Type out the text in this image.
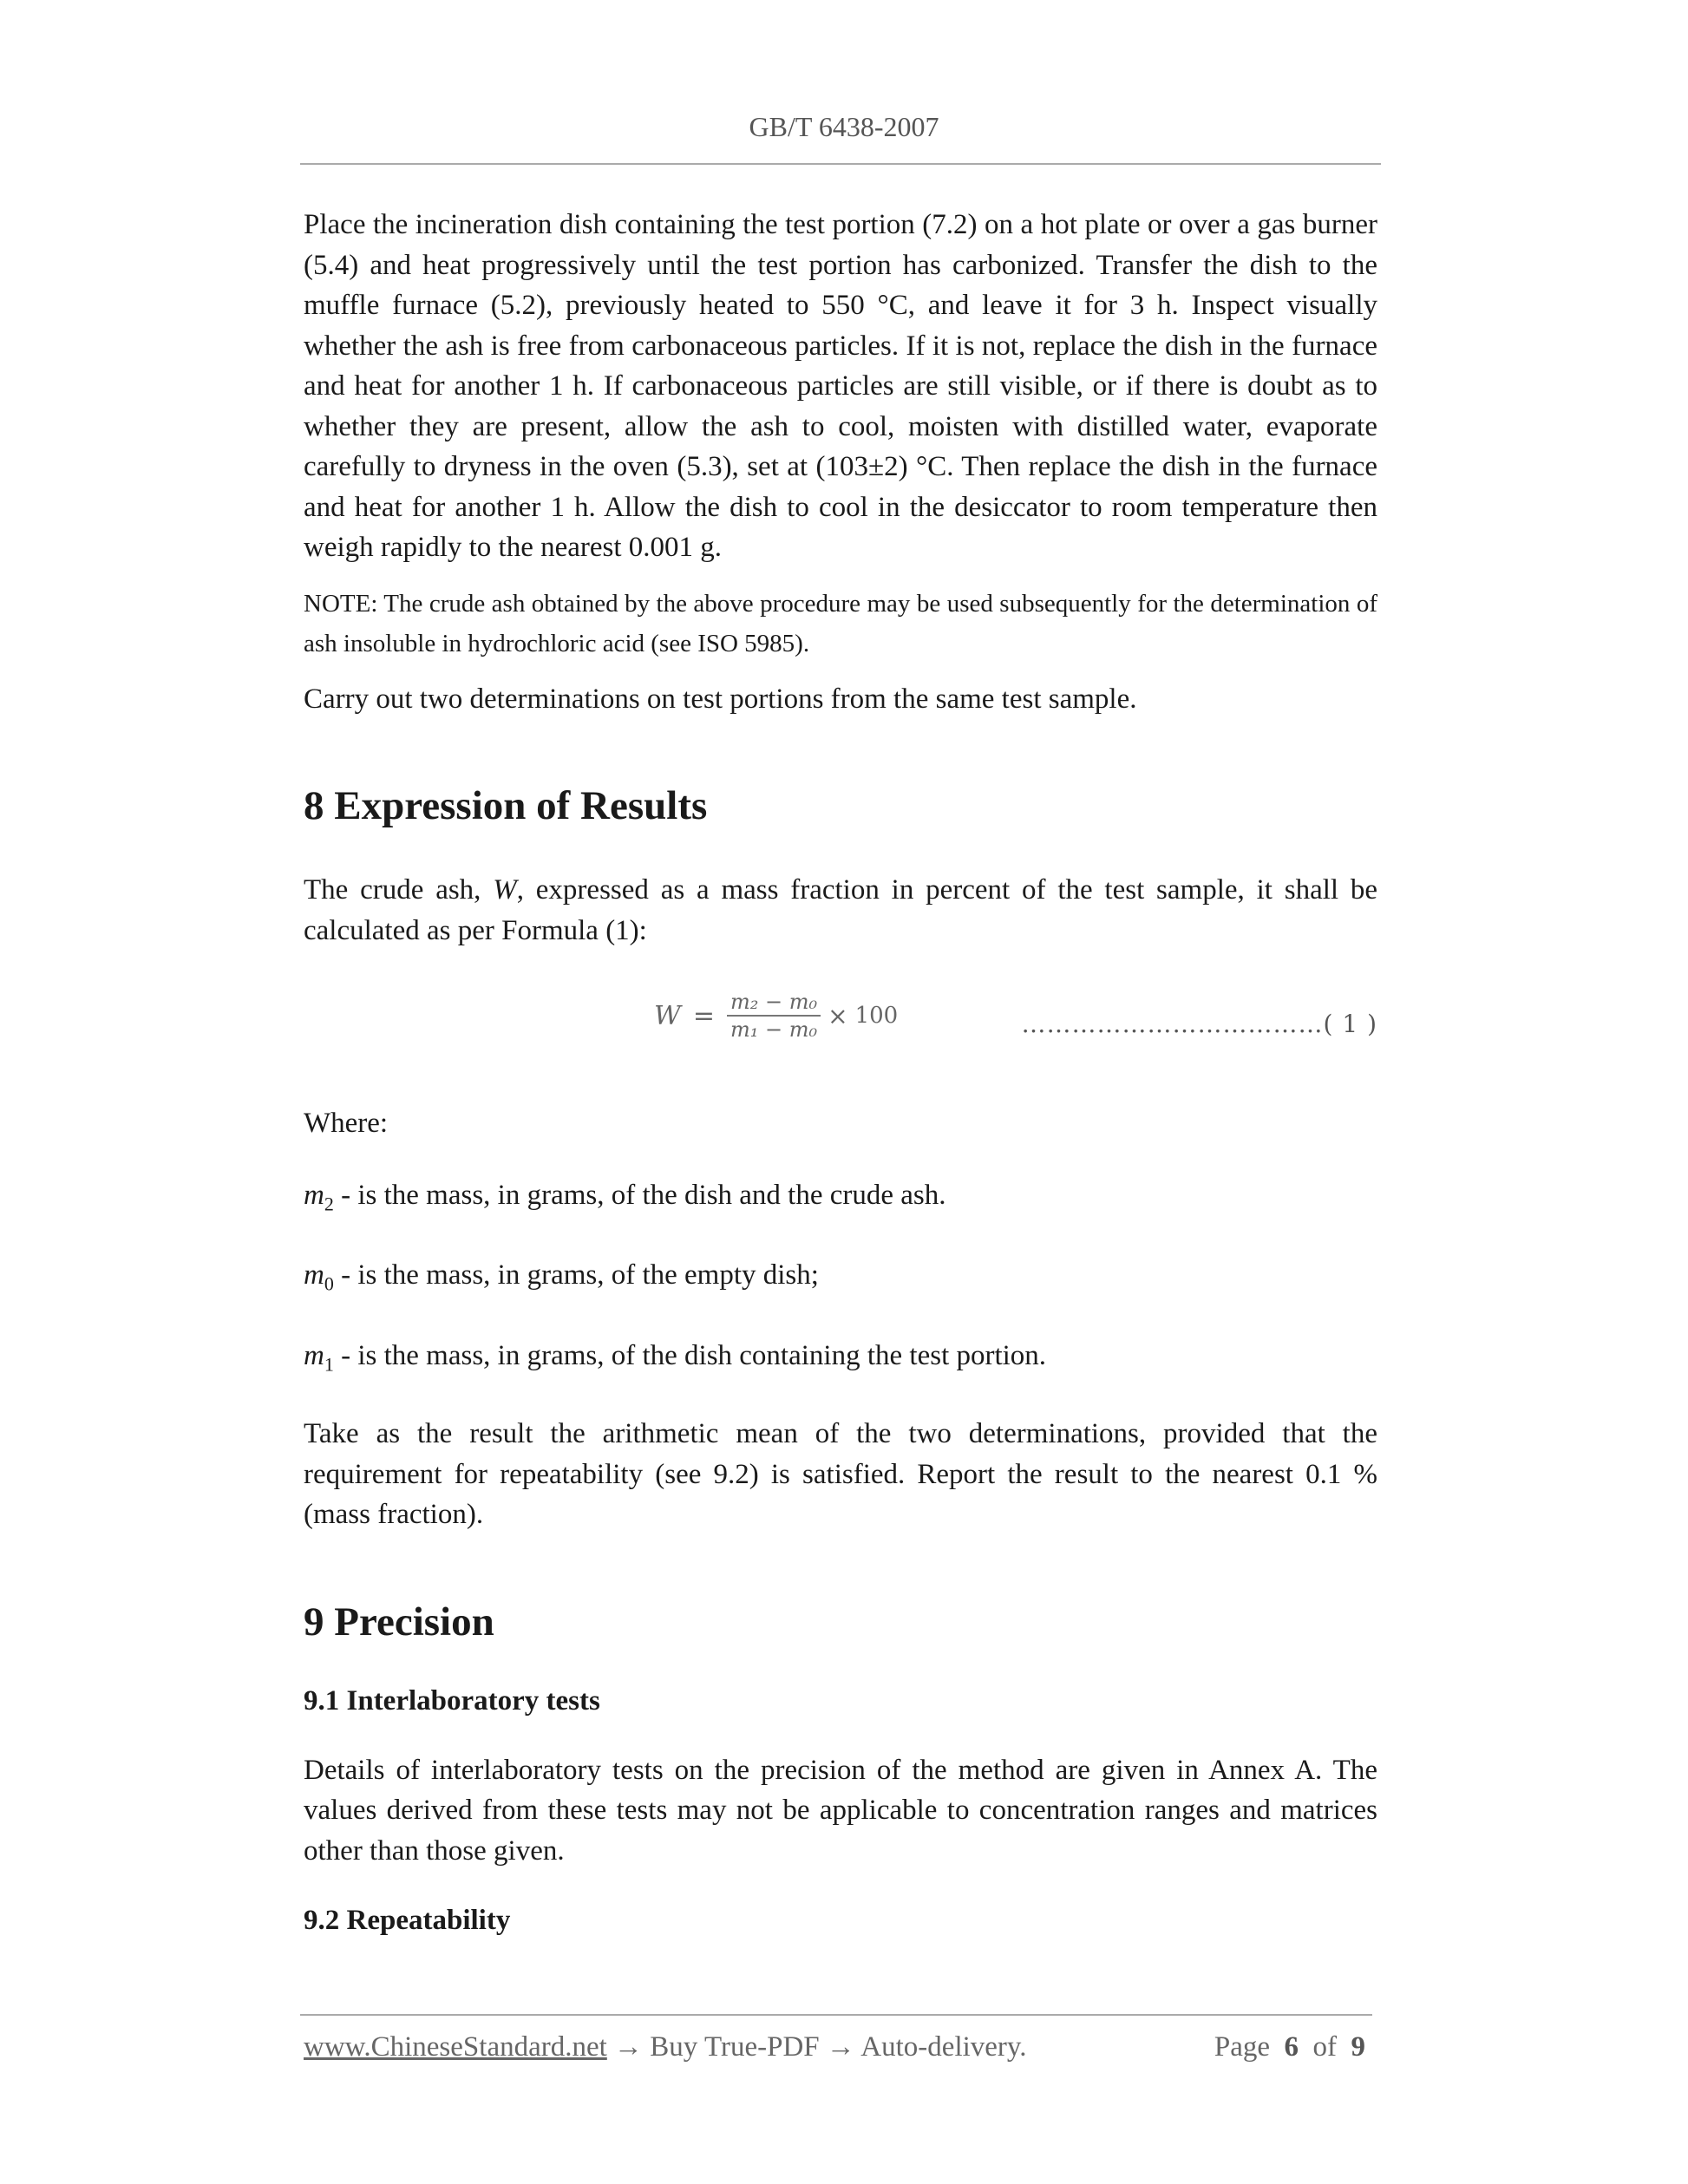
GB/T 6438-2007

Place the incineration dish containing the test portion (7.2) on a hot plate or over a gas burner (5.4) and heat progressively until the test portion has carbonized. Transfer the dish to the muffle furnace (5.2), previously heated to 550 °C, and leave it for 3 h. Inspect visually whether the ash is free from carbonaceous particles. If it is not, replace the dish in the furnace and heat for another 1 h. If carbonaceous particles are still visible, or if there is doubt as to whether they are present, allow the ash to cool, moisten with distilled water, evaporate carefully to dryness in the oven (5.3), set at (103±2) °C. Then replace the dish in the furnace and heat for another 1 h. Allow the dish to cool in the desiccator to room temperature then weigh rapidly to the nearest 0.001 g.

NOTE: The crude ash obtained by the above procedure may be used subsequently for the determination of ash insoluble in hydrochloric acid (see ISO 5985).

Carry out two determinations on test portions from the same test sample.

8 Expression of Results

The crude ash, W, expressed as a mass fraction in percent of the test sample, it shall be calculated as per Formula (1):

$W = \frac{\text{m₂ − m₀}}{\text{m₁ − m₀}} \times 100$	………………………………( 1 )

Where:

$m_2$ - is the mass, in grams, of the dish and the crude ash.

$m_0$ - is the mass, in grams, of the empty dish;

$m_1$ - is the mass, in grams, of the dish containing the test portion.

Take as the result the arithmetic mean of the two determinations, provided that the requirement for repeatability (see 9.2) is satisfied. Report the result to the nearest 0.1 % (mass fraction).

9 Precision
9.1 Interlaboratory tests

Details of interlaboratory tests on the precision of the method are given in Annex A. The values derived from these tests may not be applicable to concentration ranges and matrices other than those given.

9.2 Repeatability
www.ChineseStandard.net → Buy True-PDF → Auto-delivery.	Page 6 of 9
